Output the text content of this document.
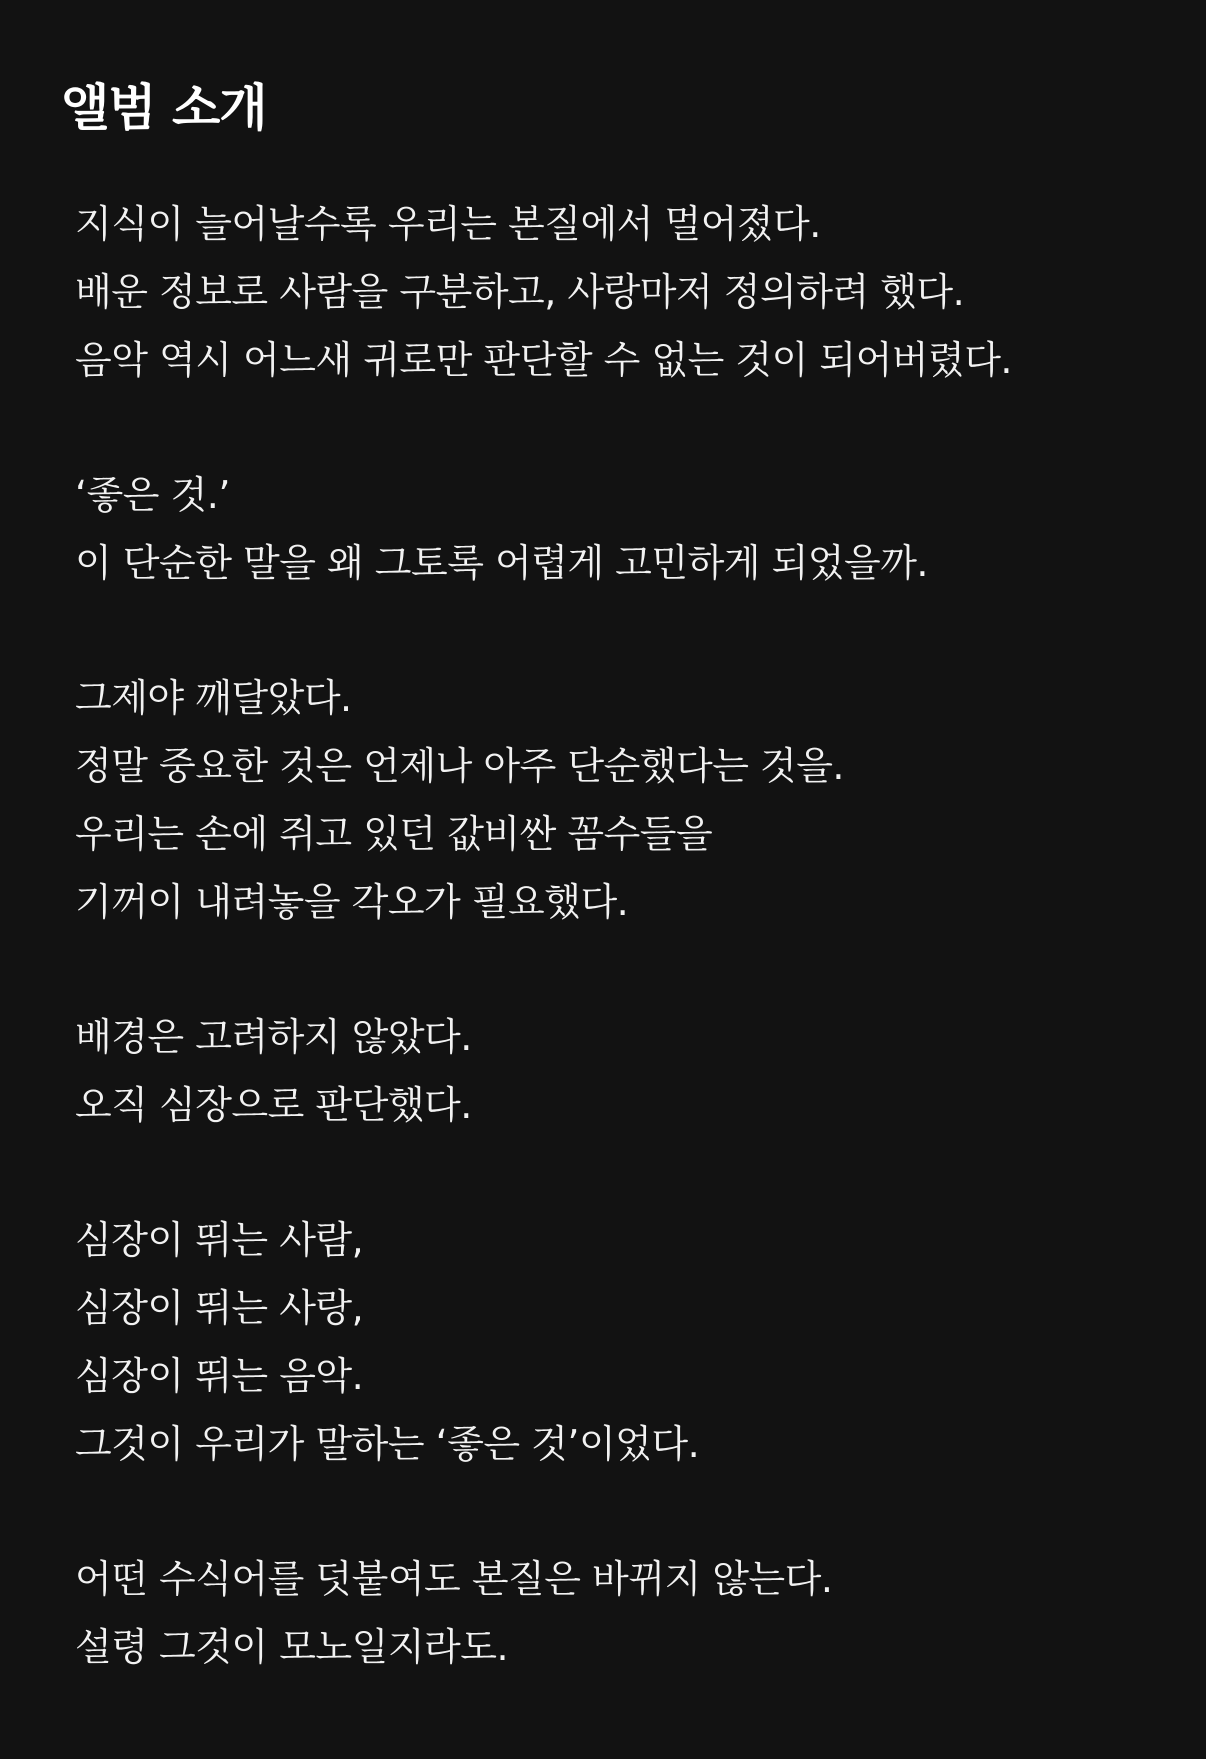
앨범 소개

지식이 늘어날수록 우리는 본질에서 멀어졌다.
배운 정보로 사람을 구분하고, 사랑마저 정의하려 했다.
음악 역시 어느새 귀로만 판단할 수 없는 것이 되어버렸다.

‘좋은 것.’
이 단순한 말을 왜 그토록 어렵게 고민하게 되었을까.

그제야 깨달았다.
정말 중요한 것은 언제나 아주 단순했다는 것을.
우리는 손에 쥐고 있던 값비싼 꼼수들을
기꺼이 내려놓을 각오가 필요했다.

배경은 고려하지 않았다.
오직 심장으로 판단했다.

심장이 뛰는 사람,
심장이 뛰는 사랑,
심장이 뛰는 음악.
그것이 우리가 말하는 ‘좋은 것’이었다.

어떤 수식어를 덧붙여도 본질은 바뀌지 않는다.
설령 그것이 모노일지라도.
